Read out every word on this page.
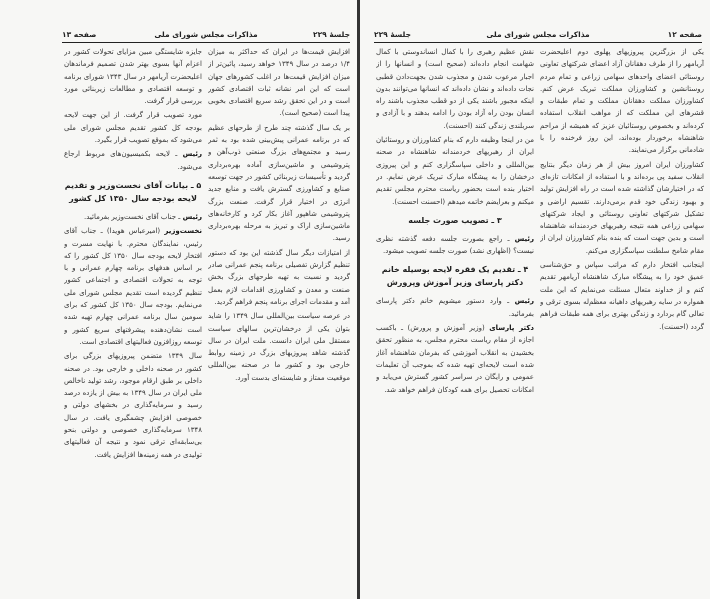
جلسهٔ ۲۲۹
مذاکرات مجلس شورای ملی
صفحه ۱۳

افزایش قیمت‌ها در ایران که حداکثر به میزان ۱/۴ درصد در سال ۱۳۴۹ خواهد رسید، پائین‌تر از میزان افزایش قیمت‌ها در اغلب کشورهای جهان است که این امر نشانه ثبات اقتصادی کشور است و در این تحقق رشد سریع اقتصادی بخوبی پیدا است (صحیح است).

بر یک سال گذشته چند طرح از طرحهای عظیم که در برنامه عمرانی پیش‌بینی شده بود به ثمر رسید و مجتمع‌های بزرگ صنعتی ذوب‌آهن و پتروشیمی و ماشین‌سازی آماده بهره‌برداری گردید و تأسیسات زیربنائی کشور در جهت توسعه صنایع و کشاورزی گسترش یافت و منابع جدید انرژی در اختیار قرار گرفت. صنعت بزرگ پتروشیمی شاهپور آغاز بکار کرد و کارخانه‌های ماشین‌سازی اراک و تبریز به مرحله بهره‌برداری رسید.

از امتیازات دیگر سال گذشته این بود که دستور تنظیم گزارش تفصیلی برنامه پنجم عمرانی صادر گردید و نسبت به تهیه طرحهای بزرگ بخش صنعت و معدن و کشاورزی اقدامات لازم بعمل آمد و مقدمات اجرای برنامه پنجم فراهم گردید.

در عرصه سیاست بین‌المللی سال ۱۳۴۹ را شاید بتوان یکی از درخشان‌ترین سالهای سیاست مستقل ملی ایران دانست. ملت ایران در سال گذشته شاهد پیروزیهای بزرگ در زمینه روابط خارجی بود و کشور ما در صحنه بین‌المللی موقعیت ممتاز و شایسته‌ای بدست آورد.

جایزه شایستگی مبین مزایای تحولات کشور در اعزام آنها بسوی بهتر شدن تصمیم فرماندهان اعلیحضرت آریامهر در سال ۱۳۴۳ شورای برنامه و توسعه اقتصادی و مطالعات زیربنائی مورد بررسی قرار گرفت.

مورد تصویب قرار گرفت. از این جهت لایحه بودجه کل کشور تقدیم مجلس شورای ملی می‌شود که بموقع تصویب قرار بگیرد.

رئیس ـ لایحه بکمیسیون‌های مربوط ارجاع می‌شود.

۵ ـ بیانات آقای نخست‌وزیر و تقدیم لایحه بودجه سال ۱۳۵۰ کل کشور

رئیس ـ جناب آقای نخست‌وزیر بفرمائید.

نخست‌وزیر (امیرعباس هویدا) ـ جناب آقای رئیس، نمایندگان محترم. با نهایت مسرت و افتخار لایحه بودجه سال ۱۳۵۰ کل کشور را که بر اساس هدفهای برنامه چهارم عمرانی و با توجه به تحولات اقتصادی و اجتماعی کشور تنظیم گردیده است تقدیم مجلس شورای ملی می‌نمایم. بودجه سال ۱۳۵۰ کل کشور که برای سومین سال برنامه عمرانی چهارم تهیه شده است نشان‌دهنده پیشرفتهای سریع کشور و توسعه روزافزون فعالیتهای اقتصادی است.

سال ۱۳۴۹ متضمن پیروزیهای بزرگی برای کشور در صحنه داخلی و خارجی بود. در صحنه داخلی بر طبق ارقام موجود، رشد تولید ناخالص ملی ایران در سال ۱۳۴۹ به بیش از یازده درصد رسید و سرمایه‌گذاری در بخشهای دولتی و خصوصی افزایش چشمگیری یافت. در سال ۱۳۴۸ سرمایه‌گذاری خصوصی و دولتی بنحو بی‌سابقه‌ای ترقی نمود و نتیجه آن فعالیتهای تولیدی در همه زمینه‌ها افزایش یافت.

صفحه ۱۲
مذاکرات مجلس شورای ملی
جلسهٔ ۲۲۹

یکی از بزرگترین پیروزیهای پهلوی دوم اعلیحضرت آریامهر را از طرف دهقانان آزاد اعضای شرکتهای تعاونی روستائی اعضای واحدهای سهامی زراعی و تمام مردم روستانشین و کشاورزان مملکت تبریک عرض کنم. کشاورزان مملکت دهقانان مملکت و تمام طبقات و قشرهای این مملکت که از مواهب انقلاب استفاده کرده‌اند و بخصوص روستائیان عزیز که همیشه از مراحم شاهنشاه برخوردار بوده‌اند، این روز فرخنده را با شادمانی برگزار می‌نمایند.

کشاورزان ایران امروز بیش از هر زمان دیگر بنتایج انقلاب سفید پی برده‌اند و با استفاده از امکانات تازه‌ای که در اختیارشان گذاشته شده است در راه افزایش تولید و بهبود زندگی خود قدم برمی‌دارند. تقسیم اراضی و تشکیل شرکتهای تعاونی روستائی و ایجاد شرکتهای سهامی زراعی همه نتیجه رهبریهای خردمندانه شاهنشاه است و بدین جهت است که بنده بنام کشاورزان ایران از مقام شامخ سلطنت سپاسگزاری می‌کنم.

اینجانب افتخار دارم که مراتب سپاس و حق‌شناسی عمیق خود را به پیشگاه مبارک شاهنشاه آریامهر تقدیم کنم و از خداوند متعال مسئلت می‌نمایم که این ملت همواره در سایه رهبریهای داهیانه معظم‌له بسوی ترقی و تعالی گام بردارد و زندگی بهتری برای همه طبقات فراهم گردد (احسنت).

نقش عظیم رهبری را با کمال انساندوستی با کمال شهامت انجام داده‌اند (صحیح است) و انسانها را از اجبار مرعوب شدن و مجذوب شدن بجهت‌دادن قطبی نجات داده‌اند و نشان داده‌اند که انسانها می‌توانند بدون اینکه مجبور باشند یکی از دو قطب مجذوب باشند راه انسان بودن راه آزاد بودن را ادامه بدهند و با آزادی و سربلندی زندگی کنند (احسنت).

من در اینجا وظیفه دارم که بنام کشاورزان و روستائیان ایران از رهبریهای خردمندانه شاهنشاه در صحنه بین‌المللی و داخلی سپاسگزاری کنم و این پیروزی درخشان را به پیشگاه مبارک تبریک عرض نمایم. در اختیار بنده است بحضور ریاست محترم مجلس تقدیم میکنم و بعرایضم خاتمه میدهم (احسنت احسنت).

۳ ـ تصویب صورت جلسه

رئیس ـ راجع بصورت جلسه دفعه گذشته نظری نیست؟ (اظهاری نشد) صورت جلسه تصویب میشود.

۴ ـ تقدیم یک فقره لایحه بوسیله خانم دکتر پارسای وزیر آموزش وپرورش

رئیس ـ وارد دستور میشویم خانم دکتر پارسای بفرمائید.

دکتر پارسای (وزیر آموزش و پرورش) ـ باکسب اجازه از مقام ریاست محترم مجلس، به منظور تحقق بخشیدن به انقلاب آموزشی که بفرمان شاهنشاه آغاز شده است لایحه‌ای تهیه شده که بموجب آن تعلیمات عمومی و رایگان در سراسر کشور گسترش می‌یابد و امکانات تحصیل برای همه کودکان فراهم خواهد شد.
